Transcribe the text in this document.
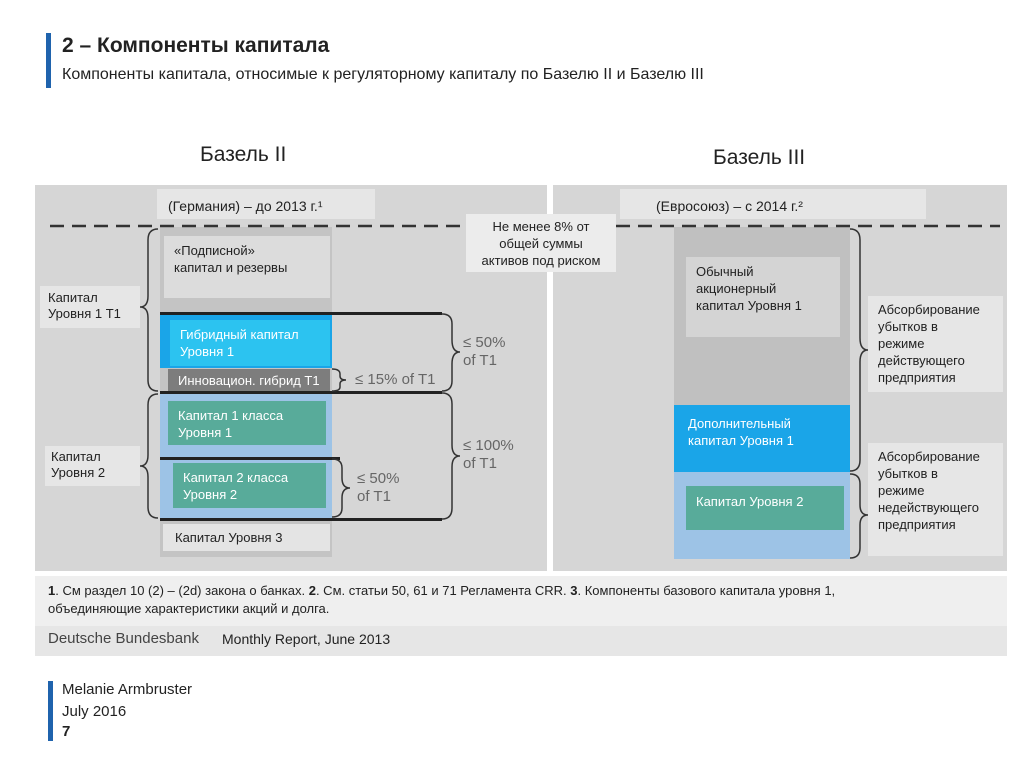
2 – Компоненты капитала
Компоненты капитала, относимые к регуляторному капиталу по Базелю II и Базелю III
Базель II	Базель III
(Германия) – до 2013 г.¹	(Евросоюз) – с 2014 г.²
«Подписной»
капитал и резервы
Гибридный капитал
Уровня 1
Инновацион. гибрид Т1
Капитал 1 класса
Уровня 1
Капитал 2 класса
Уровня 2
Капитал Уровня 3
Капитал
Уровня 1 Т1
Капитал
Уровня 2
≤ 50%
of T1
≤ 15% of T1
≤ 100%
of T1
≤ 50%
of T1
Не менее 8% от
общей суммы
активов под риском
Обычный
акционерный
капитал Уровня 1
Дополнительный
капитал Уровня 1
Капитал Уровня 2
Абсорбирование
убытков в
режиме
действующего
предприятия
Абсорбирование
убытков в
режиме
недействующего
предприятия
1. См раздел 10 (2) – (2d) закона о банках. 2. См. статьи 50, 61 и 71 Регламента CRR. 3. Компоненты базового капитала уровня 1,
объединяющие характеристики акций и долга.
Deutsche Bundesbank Monthly Report, June 2013
Melanie Armbruster
July 2016
7
